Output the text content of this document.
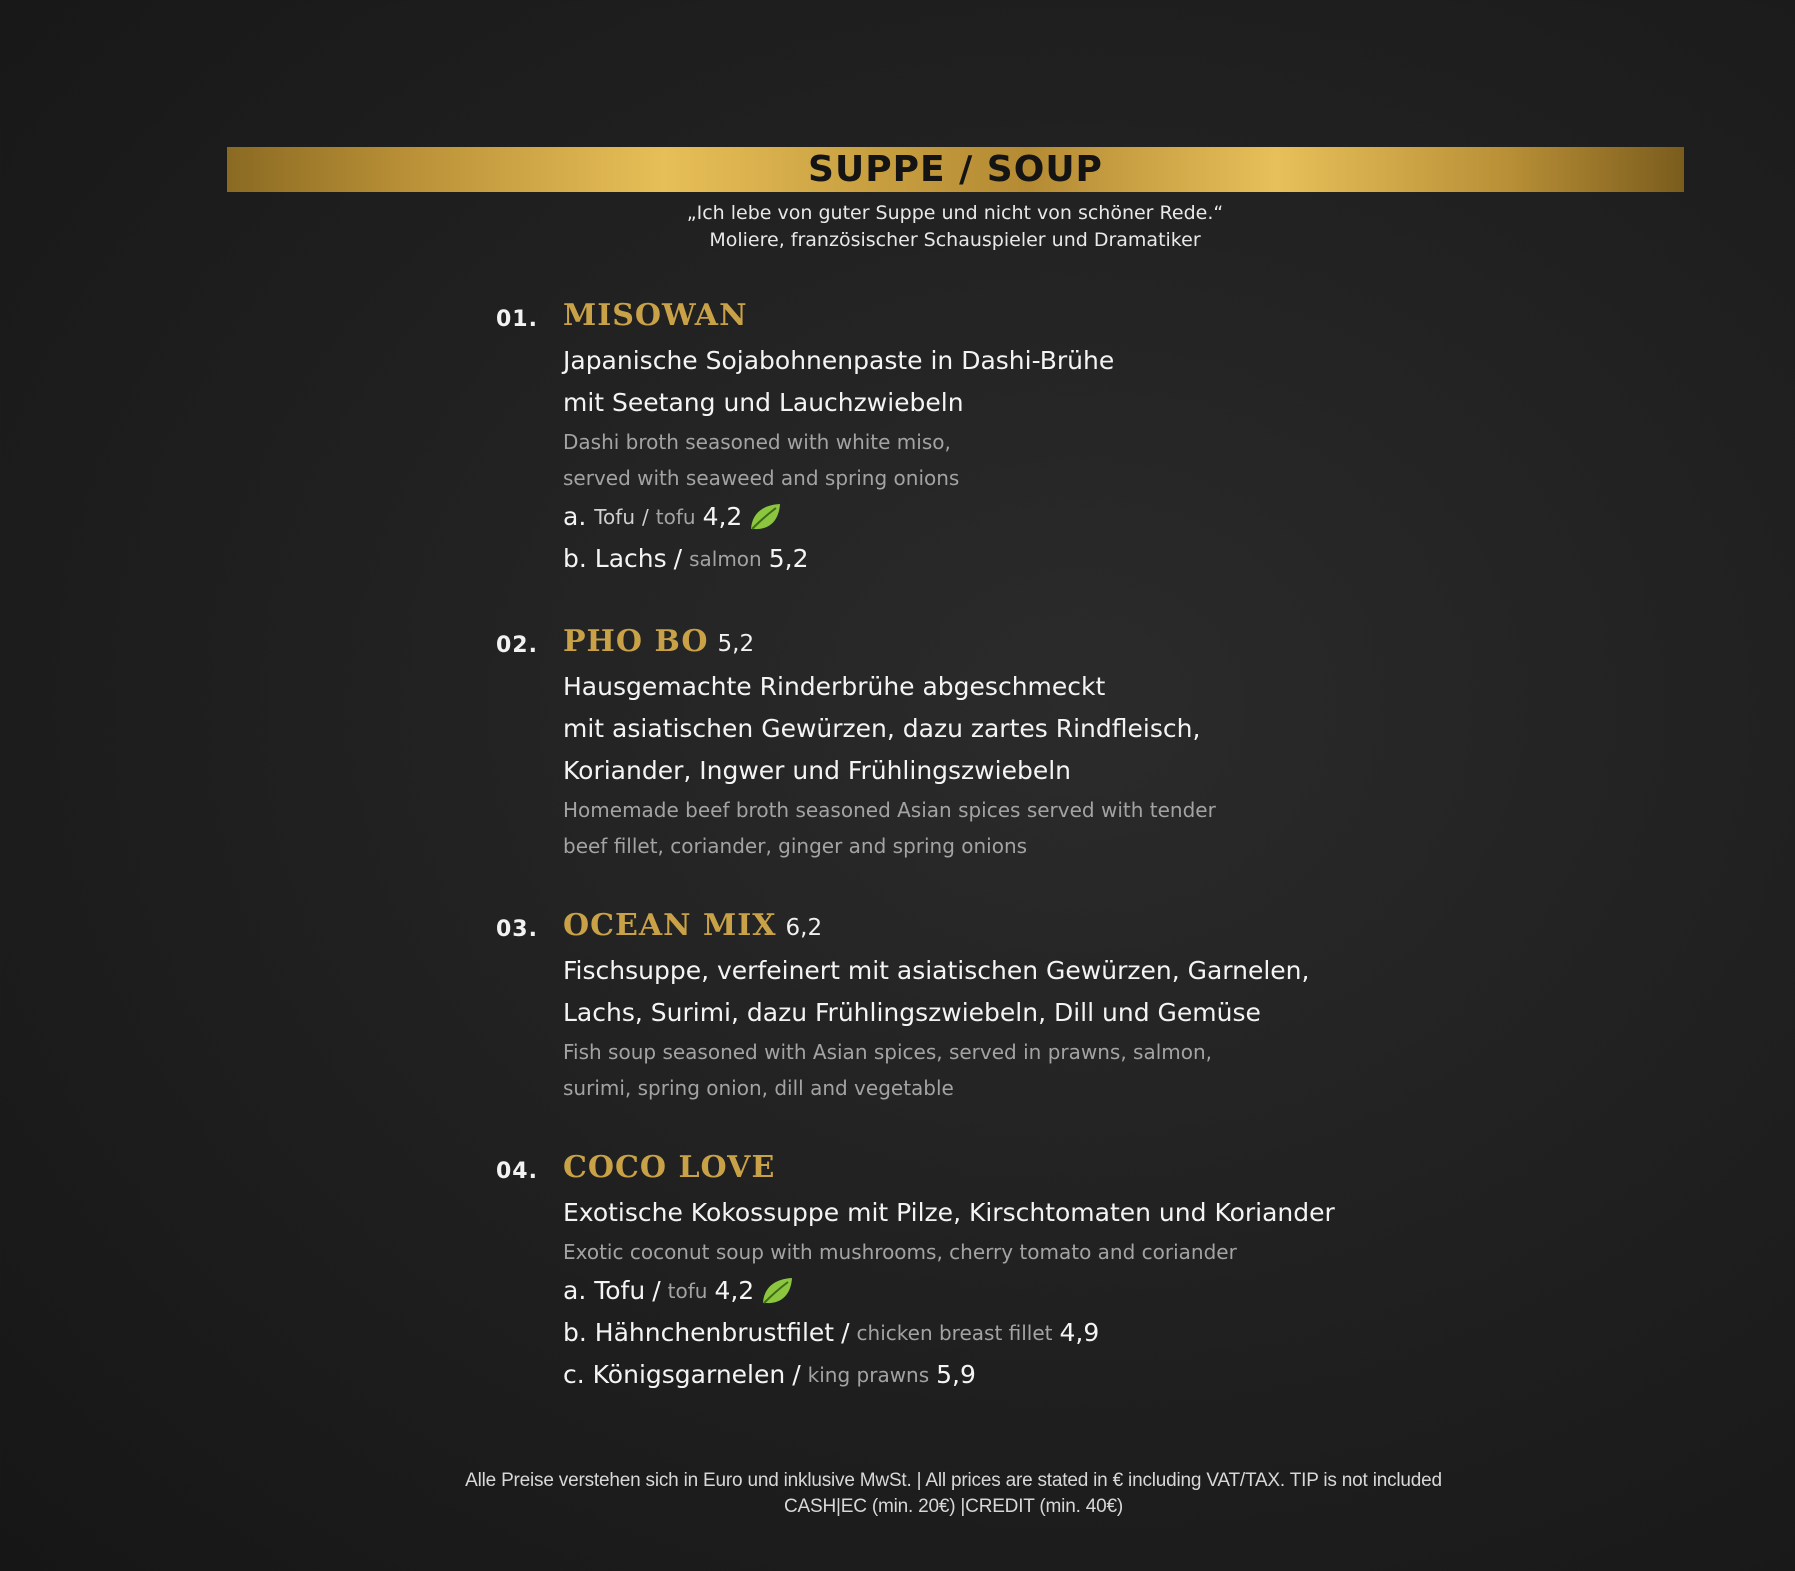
SUPPE / SOUP
„Ich lebe von guter Suppe und nicht von schöner Rede.“
Moliere, französischer Schauspieler und Dramatiker
01. MISOWAN
Japanische Sojabohnenpaste in Dashi-Brühe
mit Seetang und Lauchzwiebeln
Dashi broth seasoned with white miso,
served with seaweed and spring onions
a.
Tofu / tofu 4,2
b.
Lachs / salmon 5,2
02. PHO BO 5,2
Hausgemachte Rinderbrühe abgeschmeckt
mit asiatischen Gewürzen, dazu zartes Rindfleisch,
Koriander, Ingwer und Frühlingszwiebeln
Homemade beef broth seasoned Asian spices served with tender
beef fillet, coriander, ginger and spring onions
03. OCEAN MIX 6,2
Fischsuppe, verfeinert mit asiatischen Gewürzen, Garnelen,
Lachs, Surimi, dazu Frühlingszwiebeln, Dill und Gemüse
Fish soup seasoned with Asian spices, served in prawns, salmon,
surimi, spring onion, dill and vegetable
04. COCO LOVE
Exotische Kokossuppe mit Pilze, Kirschtomaten und Koriander
Exotic coconut soup with mushrooms, cherry tomato and coriander
a.
Tofu / tofu 4,2
b.
Hähnchenbrustfilet / chicken breast fillet 4,9
c.
Königsgarnelen / king prawns 5,9
Alle Preise verstehen sich in Euro und inklusive MwSt. | All prices are stated in € including VAT/TAX. TIP is not included
CASH|EC (min. 20€) |CREDIT (min. 40€)
